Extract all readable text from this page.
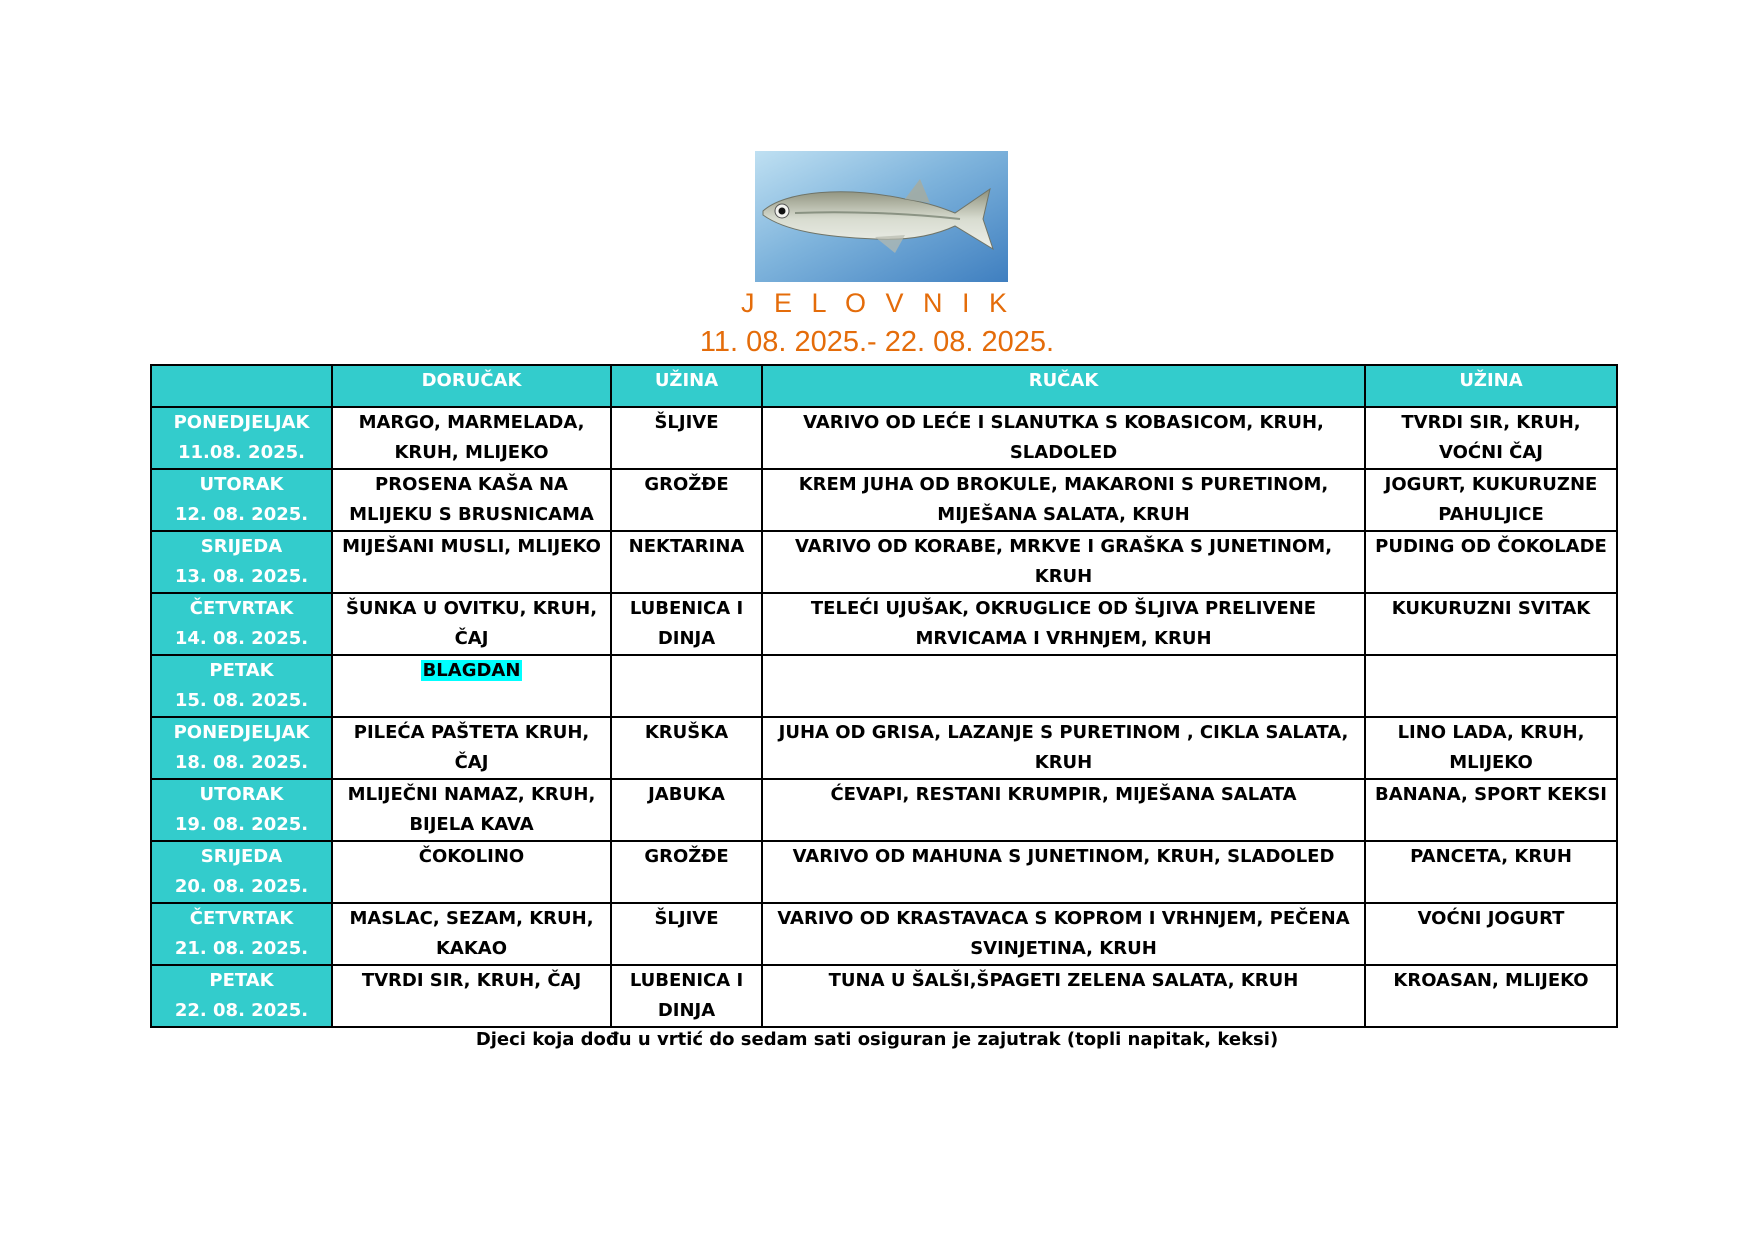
J E L O V N I K
11. 08. 2025.- 22. 08. 2025.
	DORUČAK	UŽINA	RUČAK	UŽINA

PONEDJELJAK
11.08. 2025.	MARGO, MARMELADA, KRUH, MLIJEKO	ŠLJIVE	VARIVO OD LEĆE I SLANUTKA S KOBASICOM, KRUH, SLADOLED	TVRDI SIR, KRUH, VOĆNI ČAJ

UTORAK
12. 08. 2025.	PROSENA KAŠA NA MLIJEKU S BRUSNICAMA	GROŽĐE	KREM JUHA OD BROKULE, MAKARONI S PURETINOM, MIJEŠANA SALATA, KRUH	JOGURT, KUKURUZNE PAHULJICE

SRIJEDA
13. 08. 2025.	MIJEŠANI MUSLI, MLIJEKO	NEKTARINA	VARIVO OD KORABE, MRKVE I GRAŠKA S JUNETINOM, KRUH	PUDING OD ČOKOLADE

ČETVRTAK
14. 08. 2025.	ŠUNKA U OVITKU, KRUH, ČAJ	LUBENICA I DINJA	TELEĆI UJUŠAK, OKRUGLICE OD ŠLJIVA PRELIVENE MRVICAMA I VRHNJEM, KRUH	KUKURUZNI SVITAK

PETAK
15. 08. 2025.	BLAGDAN			

PONEDJELJAK
18. 08. 2025.	PILEĆA PAŠTETA KRUH, ČAJ	KRUŠKA	JUHA OD GRISA, LAZANJE S PURETINOM , CIKLA SALATA, KRUH	LINO LADA, KRUH, MLIJEKO

UTORAK
19. 08. 2025.	MLIJEČNI NAMAZ, KRUH, BIJELA KAVA	JABUKA	ĆEVAPI, RESTANI KRUMPIR, MIJEŠANA SALATA	BANANA, SPORT KEKSI

SRIJEDA
20. 08. 2025.	ČOKOLINO	GROŽĐE	VARIVO OD MAHUNA S JUNETINOM, KRUH, SLADOLED	PANCETA, KRUH

ČETVRTAK
21. 08. 2025.	MASLAC, SEZAM, KRUH, KAKAO	ŠLJIVE	VARIVO OD KRASTAVACA S KOPROM I VRHNJEM, PEČENA SVINJETINA, KRUH	VOĆNI JOGURT

PETAK
22. 08. 2025.	TVRDI SIR, KRUH, ČAJ	LUBENICA I DINJA	TUNA U ŠALŠI,ŠPAGETI ZELENA SALATA, KRUH	KROASAN, MLIJEKO
Djeci koja dođu u vrtić do sedam sati osiguran je zajutrak (topli napitak, keksi)
